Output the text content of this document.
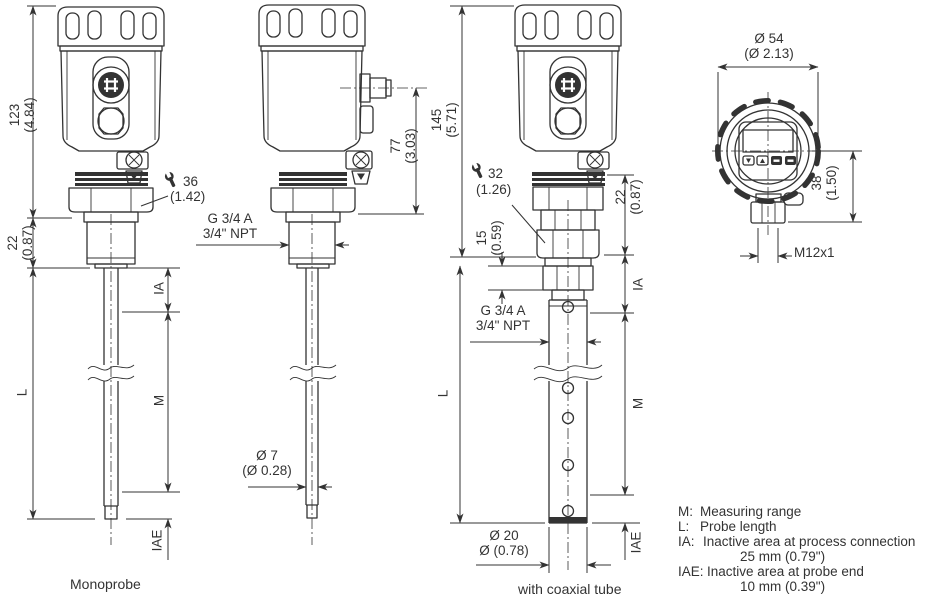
123 (4.84)
22 (0.87)
L
IA
M
IAE
36
(1.42)
G 3/4 A
3/4" NPT
Monoprobe
77 (3.03)
Ø 7
(Ø 0.28)
145 (5.71)
32
(1.26)
15 (0.59)
22 (0.87)
L
IA
M
IAE
G 3/4 A
3/4" NPT
Ø 20
Ø (0.78)
with coaxial tube
Ø 54
(Ø 2.13)
38 (1.50)
M12x1
M: Measuring range
L: Probe length
IA: Inactive area at process connection
25 mm (0.79")
IAE: Inactive area at probe end
10 mm (0.39")
